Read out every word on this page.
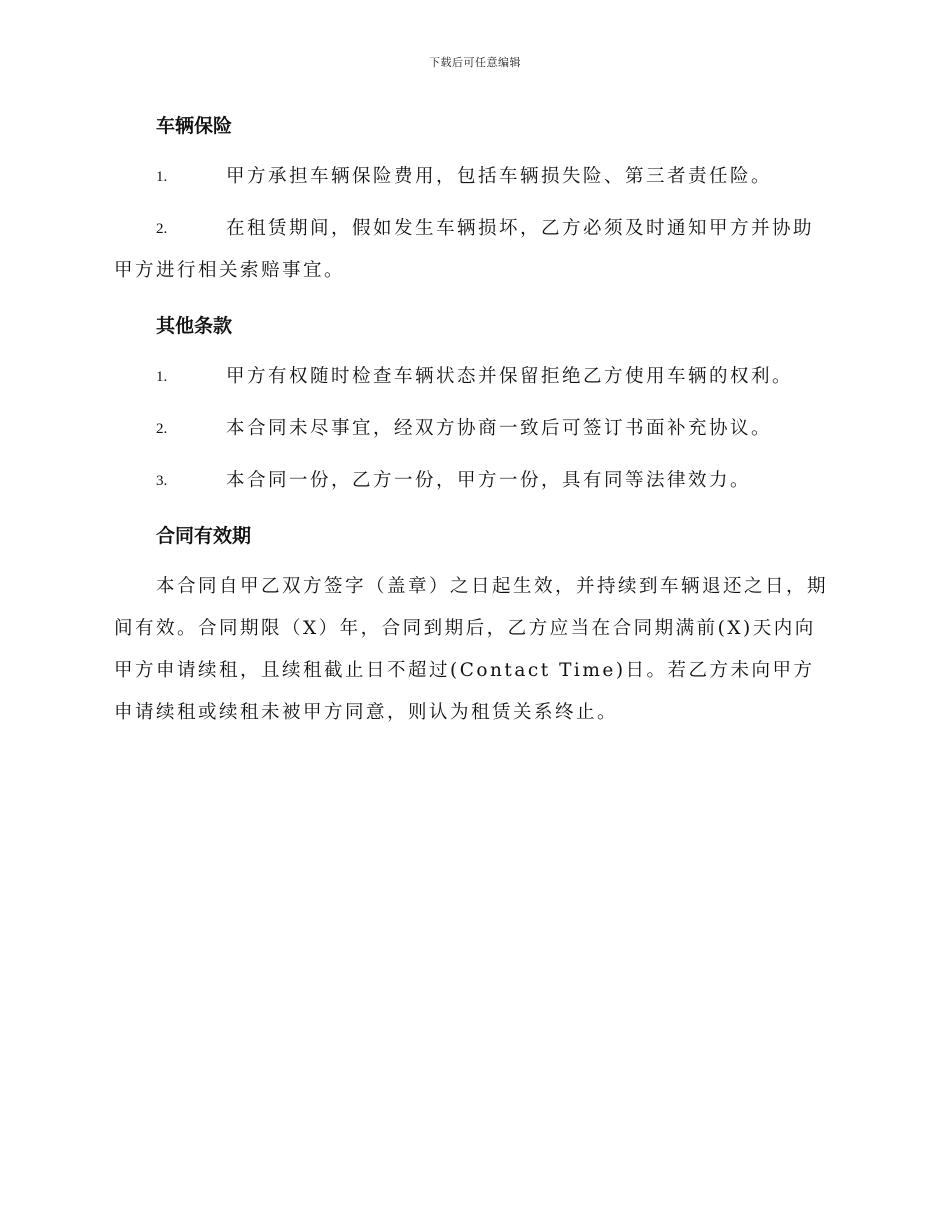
下载后可任意编辑
车辆保险
1.	甲方承担车辆保险费用，包括车辆损失险、第三者责任险。
2.	在租赁期间，假如发生车辆损坏，乙方必须及时通知甲方并协助甲方进行相关索赔事宜。
其他条款
1.	甲方有权随时检查车辆状态并保留拒绝乙方使用车辆的权利。
2.	本合同未尽事宜，经双方协商一致后可签订书面补充协议。
3.	本合同一份，乙方一份，甲方一份，具有同等法律效力。
合同有效期

本合同自甲乙双方签字（盖章）之日起生效，并持续到车辆退还之日，期间有效。合同期限（X）年，合同到期后，乙方应当在合同期满前(X)天内向甲方申请续租，且续租截止日不超过(Contact Time)日。若乙方未向甲方申请续租或续租未被甲方同意，则认为租赁关系终止。
